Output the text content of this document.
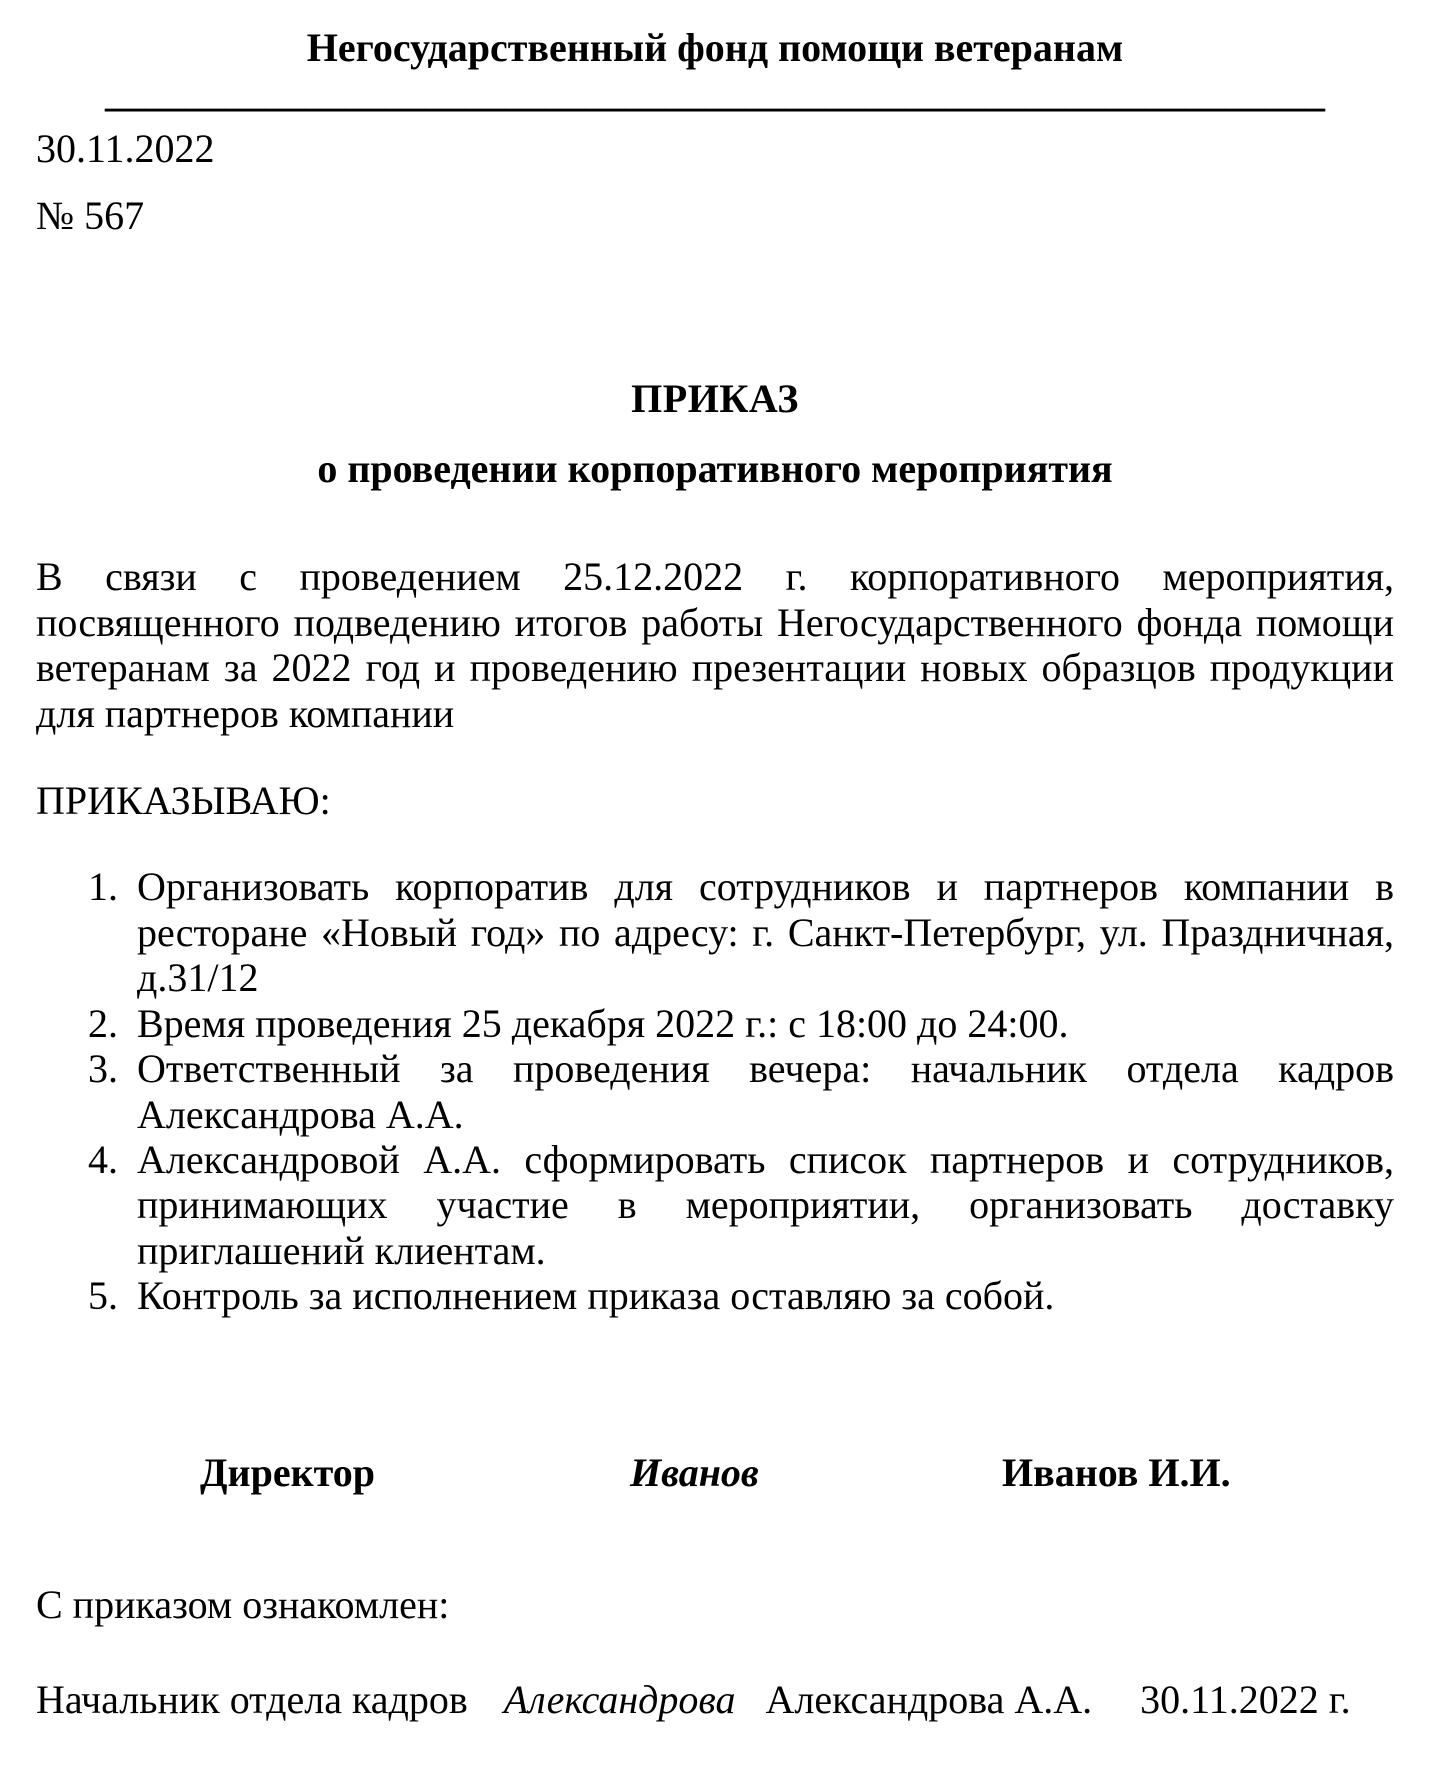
Негосударственный фонд помощи ветеранам
_____________________________________________________________
30.11.2022
№ 567
ПРИКАЗ
о проведении корпоративного мероприятия

В связи с проведением 25.12.2022 г. корпоративного мероприятия, посвященного подведению итогов работы Негосударственного фонда помощи ветеранам за 2022 год и проведению презентации новых образцов продукции для партнеров компании

ПРИКАЗЫВАЮ:
1. Организовать корпоратив для сотрудников и партнеров компании в ресторане «Новый год» по адресу: г. Санкт-Петербург, ул. Праздничная, д.31/12
2. Время проведения 25 декабря 2022 г.: с 18:00 до 24:00.
3. Ответственный за проведения вечера: начальник отдела кадров Александрова А.А.
4. Александровой А.А. сформировать список партнеров и сотрудников, принимающих участие в мероприятии, организовать доставку приглашений клиентам.
5. Контроль за исполнением приказа оставляю за собой.
Директор	Иванов	Иванов И.И.
С приказом ознакомлен:
Начальник отдела кадров Александрова Александрова А.А. 30.11.2022 г.
